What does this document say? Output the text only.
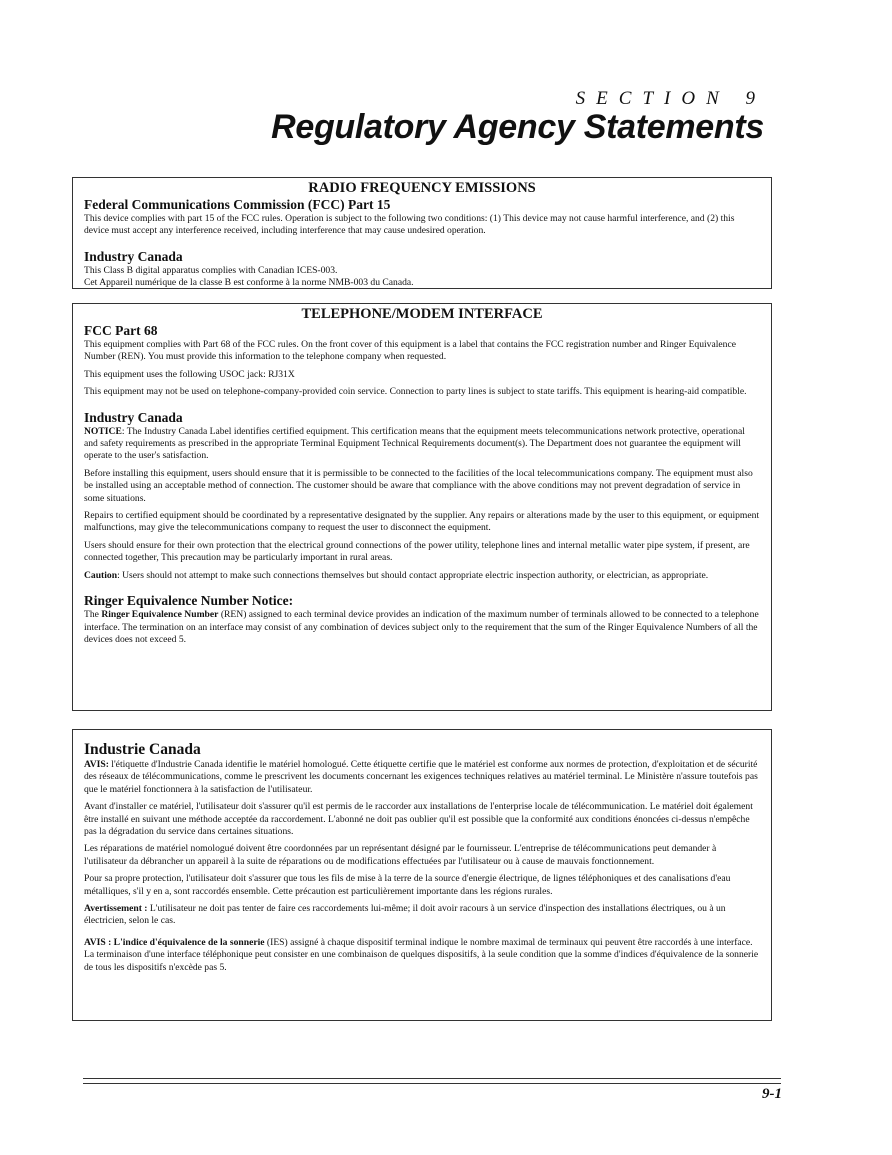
SECTION 9
Regulatory Agency Statements
RADIO FREQUENCY EMISSIONS
Federal Communications Commission (FCC) Part 15

This device complies with part 15 of the FCC rules. Operation is subject to the following two conditions: (1) This device may not cause harmful interference, and (2) this device must accept any interference received, including interference that may cause undesired operation.

Industry Canada

This Class B digital apparatus complies with Canadian ICES-003.

Cet Appareil numérique de la classe B est conforme à la norme NMB-003 du Canada.

TELEPHONE/MODEM INTERFACE
FCC Part 68

This equipment complies with Part 68 of the FCC rules. On the front cover of this equipment is a label that contains the FCC registration number and Ringer Equivalence Number (REN). You must provide this information to the telephone company when requested.

This equipment uses the following USOC jack: RJ31X

This equipment may not be used on telephone-company-provided coin service. Connection to party lines is subject to state tariffs. This equipment is hearing-aid compatible.

Industry Canada

NOTICE: The Industry Canada Label identifies certified equipment. This certification means that the equipment meets telecommunications network protective, operational and safety requirements as prescribed in the appropriate Terminal Equipment Technical Requirements document(s). The Department does not guarantee the equipment will operate to the user's satisfaction.

Before installing this equipment, users should ensure that it is permissible to be connected to the facilities of the local telecommunications company. The equipment must also be installed using an acceptable method of connection. The customer should be aware that compliance with the above conditions may not prevent degradation of service in some situations.

Repairs to certified equipment should be coordinated by a representative designated by the supplier. Any repairs or alterations made by the user to this equipment, or equipment malfunctions, may give the telecommunications company to request the user to disconnect the equipment.

Users should ensure for their own protection that the electrical ground connections of the power utility, telephone lines and internal metallic water pipe system, if present, are connected together, This precaution may be particularly important in rural areas.

Caution: Users should not attempt to make such connections themselves but should contact appropriate electric inspection authority, or electrician, as appropriate.

Ringer Equivalence Number Notice:

The Ringer Equivalence Number (REN) assigned to each terminal device provides an indication of the maximum number of terminals allowed to be connected to a telephone interface. The termination on an interface may consist of any combination of devices subject only to the requirement that the sum of the Ringer Equivalence Numbers of all the devices does not exceed 5.

Industrie Canada

AVIS: l'étiquette d'Industrie Canada identifie le matériel homologué. Cette étiquette certifie que le matériel est conforme aux normes de protection, d'exploitation et de sécurité des réseaux de télécommunications, comme le prescrivent les documents concernant les exigences techniques relatives au matériel terminal. Le Ministère n'assure toutefois pas que le matériel fonctionnera à la satisfaction de l'utilisateur.

Avant d'installer ce matériel, l'utilisateur doit s'assurer qu'il est permis de le raccorder aux installations de l'enterprise locale de télécommunication. Le matériel doit également être installé en suivant une méthode acceptée da raccordement. L'abonné ne doit pas oublier qu'il est possible que la conformité aux conditions énoncées ci-dessus n'empêche pas la dégradation du service dans certaines situations.

Les réparations de matériel nomologué doivent être coordonnées par un représentant désigné par le fournisseur. L'entreprise de télécommunications peut demander à l'utilisateur da débrancher un appareil à la suite de réparations ou de modifications effectuées par l'utilisateur ou à cause de mauvais fonctionnement.

Pour sa propre protection, l'utilisateur doit s'assurer que tous les fils de mise à la terre de la source d'energie électrique, de lignes téléphoniques et des canalisations d'eau métalliques, s'il y en a, sont raccordés ensemble. Cette précaution est particulièrement importante dans les régions rurales.

Avertissement : L'utilisateur ne doit pas tenter de faire ces raccordements lui-même; il doit avoir racours à un service d'inspection des installations électriques, ou à un électricien, selon le cas.

AVIS : L'indice d'équivalence de la sonnerie (IES) assigné à chaque dispositif terminal indique le nombre maximal de terminaux qui peuvent être raccordés à une interface. La terminaison d'une interface téléphonique peut consister en une combinaison de quelques dispositifs, à la seule condition que la somme d'indices d'équivalence de la sonnerie de tous les dispositifs n'excède pas 5.

9-1
